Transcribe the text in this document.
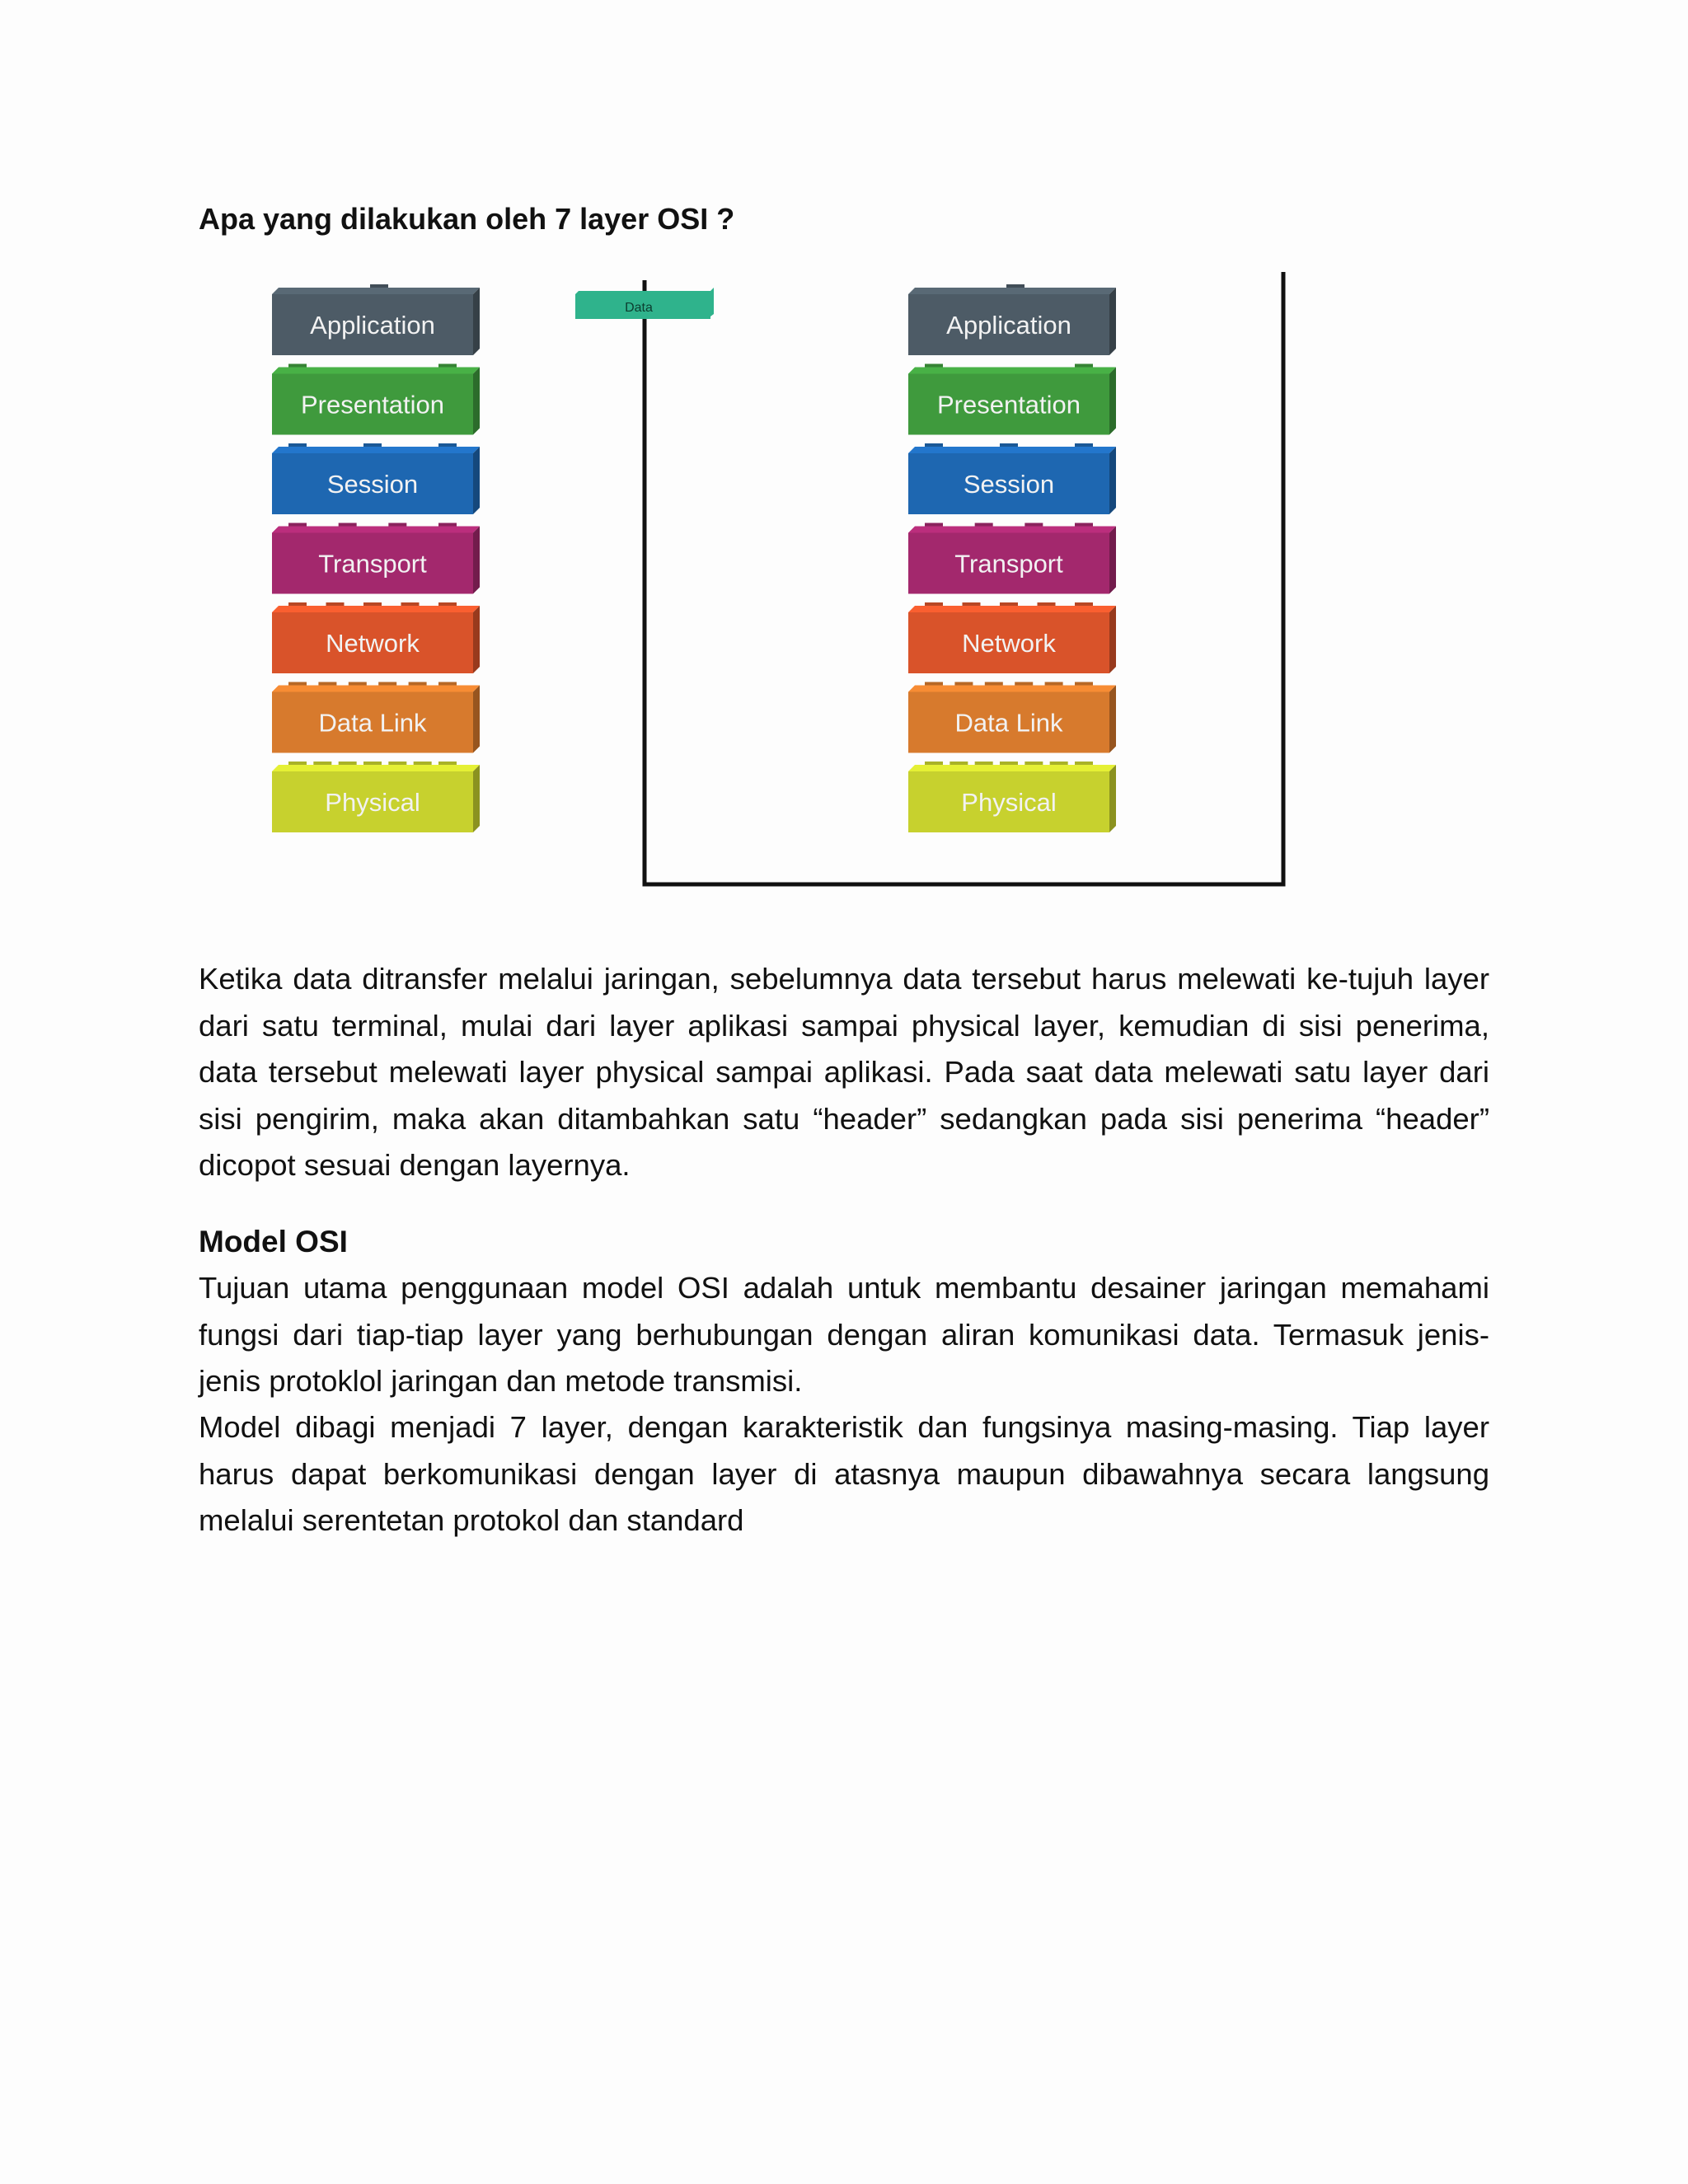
Apa yang dilakukan oleh 7 layer OSI ?
Data
Application
Presentation
Session
Transport
Network
Data Link
Physical
Application
Presentation
Session
Transport
Network
Data Link
Physical

Ketika data ditransfer melalui jaringan, sebelumnya data tersebut harus melewati ke-tujuh layer dari satu terminal, mulai dari layer aplikasi sampai physical layer, kemudian di sisi penerima, data tersebut melewati layer physical sampai aplikasi. Pada saat data melewati satu layer dari sisi pengirim, maka akan ditambahkan satu “header” sedangkan pada sisi penerima “header” dicopot sesuai dengan layernya.

Model OSI

Tujuan utama penggunaan model OSI adalah untuk membantu desainer jaringan memahami fungsi dari tiap-tiap layer yang berhubungan dengan aliran komunikasi data. Termasuk jenis-jenis protoklol jaringan dan metode transmisi.

Model dibagi menjadi 7 layer, dengan karakteristik dan fungsinya masing-masing. Tiap layer harus dapat berkomunikasi dengan layer di atasnya maupun dibawahnya secara langsung melalui serentetan protokol dan standard
